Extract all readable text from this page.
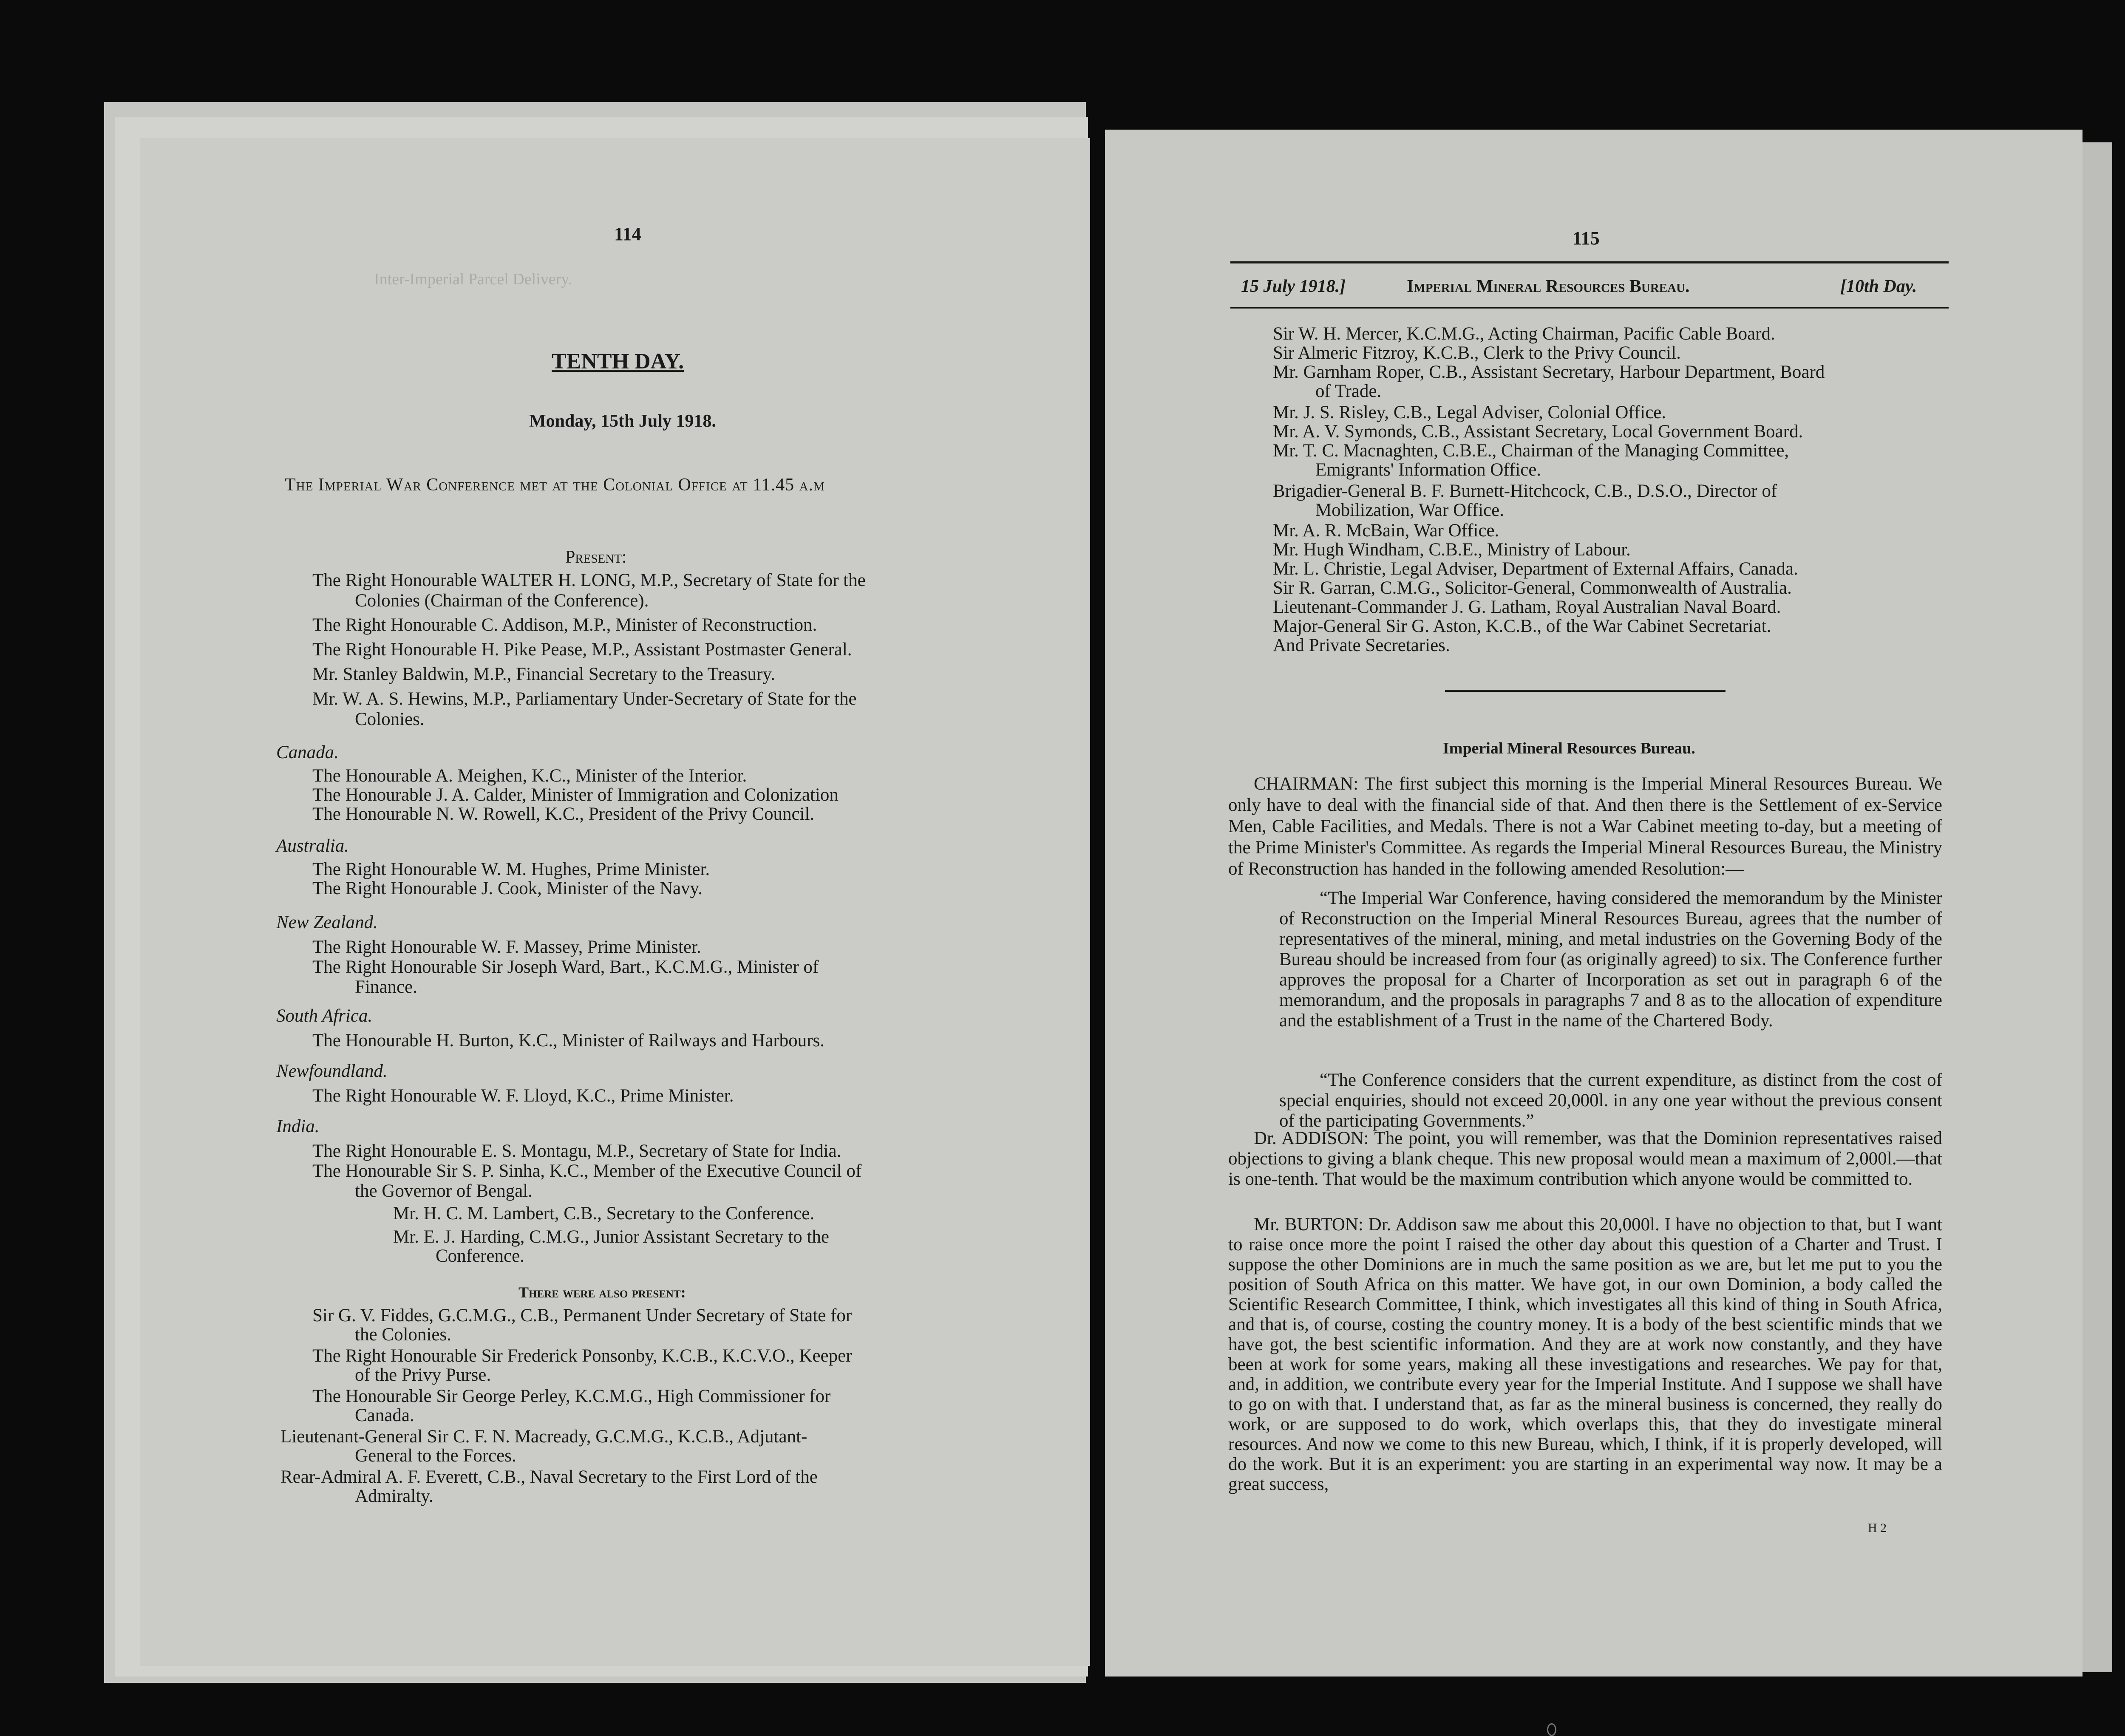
Inter-Imperial Parcel Delivery.
114
TENTH DAY.
Monday, 15th July 1918.
The Imperial War Conference met at the Colonial Office at 11.45 a.m
Present:
The Right Honourable WALTER H. LONG, M.P., Secretary of State for the
Colonies (Chairman of the Conference).
The Right Honourable C. Addison, M.P., Minister of Reconstruction.
The Right Honourable H. Pike Pease, M.P., Assistant Postmaster General.
Mr. Stanley Baldwin, M.P., Financial Secretary to the Treasury.
Mr. W. A. S. Hewins, M.P., Parliamentary Under-Secretary of State for the
Colonies.
Canada.
The Honourable A. Meighen, K.C., Minister of the Interior.
The Honourable J. A. Calder, Minister of Immigration and Colonization
The Honourable N. W. Rowell, K.C., President of the Privy Council.
Australia.
The Right Honourable W. M. Hughes, Prime Minister.
The Right Honourable J. Cook, Minister of the Navy.
New Zealand.
The Right Honourable W. F. Massey, Prime Minister.
The Right Honourable Sir Joseph Ward, Bart., K.C.M.G., Minister of
Finance.
South Africa.
The Honourable H. Burton, K.C., Minister of Railways and Harbours.
Newfoundland.
The Right Honourable W. F. Lloyd, K.C., Prime Minister.
India.
The Right Honourable E. S. Montagu, M.P., Secretary of State for India.
The Honourable Sir S. P. Sinha, K.C., Member of the Executive Council of
the Governor of Bengal.
Mr. H. C. M. Lambert, C.B., Secretary to the Conference.
Mr. E. J. Harding, C.M.G., Junior Assistant Secretary to the
Conference.
There were also present:
Sir G. V. Fiddes, G.C.M.G., C.B., Permanent Under Secretary of State for
the Colonies.
The Right Honourable Sir Frederick Ponsonby, K.C.B., K.C.V.O., Keeper
of the Privy Purse.
The Honourable Sir George Perley, K.C.M.G., High Commissioner for
Canada.
Lieutenant-General Sir C. F. N. Macready, G.C.M.G., K.C.B., Adjutant-
General to the Forces.
Rear-Admiral A. F. Everett, C.B., Naval Secretary to the First Lord of the
Admiralty.
115
15 July 1918.]	Imperial Mineral Resources Bureau.	[10th Day.
Sir W. H. Mercer, K.C.M.G., Acting Chairman, Pacific Cable Board.
Sir Almeric Fitzroy, K.C.B., Clerk to the Privy Council.
Mr. Garnham Roper, C.B., Assistant Secretary, Harbour Department, Board
of Trade.
Mr. J. S. Risley, C.B., Legal Adviser, Colonial Office.
Mr. A. V. Symonds, C.B., Assistant Secretary, Local Government Board.
Mr. T. C. Macnaghten, C.B.E., Chairman of the Managing Committee,
Emigrants' Information Office.
Brigadier-General B. F. Burnett-Hitchcock, C.B., D.S.O., Director of
Mobilization, War Office.
Mr. A. R. McBain, War Office.
Mr. Hugh Windham, C.B.E., Ministry of Labour.
Mr. L. Christie, Legal Adviser, Department of External Affairs, Canada.
Sir R. Garran, C.M.G., Solicitor-General, Commonwealth of Australia.
Lieutenant-Commander J. G. Latham, Royal Australian Naval Board.
Major-General Sir G. Aston, K.C.B., of the War Cabinet Secretariat.
And Private Secretaries.
Imperial Mineral Resources Bureau.
CHAIRMAN: The first subject this morning is the Imperial Mineral Resources Bureau. We only have to deal with the financial side of that. And then there is the Settlement of ex-Service Men, Cable Facilities, and Medals. There is not a War Cabinet meeting to-day, but a meeting of the Prime Minister's Committee. As regards the Imperial Mineral Resources Bureau, the Ministry of Reconstruction has handed in the following amended Resolution:—
“The Imperial War Conference, having considered the memorandum by the Minister of Reconstruction on the Imperial Mineral Resources Bureau, agrees that the number of representatives of the mineral, mining, and metal industries on the Governing Body of the Bureau should be increased from four (as originally agreed) to six. The Conference further approves the proposal for a Charter of Incorporation as set out in paragraph 6 of the memorandum, and the proposals in paragraphs 7 and 8 as to the allocation of expenditure and the establishment of a Trust in the name of the Chartered Body.
“The Conference considers that the current expenditure, as distinct from the cost of special enquiries, should not exceed 20,000l. in any one year without the previous consent of the participating Governments.”
Dr. ADDISON: The point, you will remember, was that the Dominion representatives raised objections to giving a blank cheque. This new proposal would mean a maximum of 2,000l.—that is one-tenth. That would be the maximum contribution which anyone would be committed to.
Mr. BURTON: Dr. Addison saw me about this 20,000l. I have no objection to that, but I want to raise once more the point I raised the other day about this question of a Charter and Trust. I suppose the other Dominions are in much the same position as we are, but let me put to you the position of South Africa on this matter. We have got, in our own Dominion, a body called the Scientific Research Committee, I think, which investigates all this kind of thing in South Africa, and that is, of course, costing the country money. It is a body of the best scientific minds that we have got, the best scientific information. And they are at work now constantly, and they have been at work for some years, making all these investigations and researches. We pay for that, and, in addition, we contribute every year for the Imperial Institute. And I suppose we shall have to go on with that. I understand that, as far as the mineral business is concerned, they really do work, or are supposed to do work, which overlaps this, that they do investigate mineral resources. And now we come to this new Bureau, which, I think, if it is properly developed, will do the work. But it is an experiment: you are starting in an experimental way now. It may be a great success,
H 2
